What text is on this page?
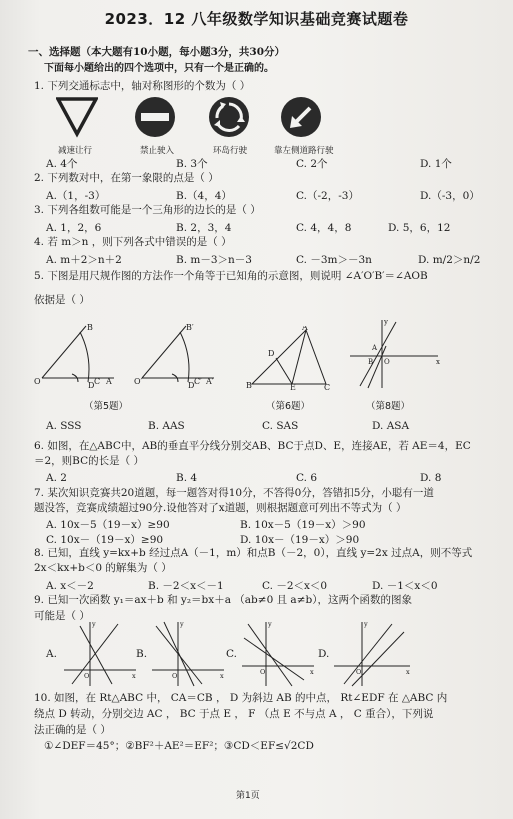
2023．12 八年级数学知识基础竞赛试题卷
一、选择题（本大题有10小题，每小题3分，共30分）
下面每小题给出的四个选项中，只有一个是正确的。
1. 下列交通标志中，轴对称图形的个数为（ ）
减速让行	禁止驶入	环岛行驶	靠左侧道路行驶
A. 4个	B. 3个	C. 2个	D. 1个
2. 下列数对中，在第一象限的点是（ ）
A.（1，-3）	B.（4，4）	C.（-2，-3）	D.（-3，0）
3. 下列各组数可能是一个三角形的边长的是（ ）
A. 1，2，6	B. 2，3，4	C. 4，4，8	D. 5，6，12
4. 若 m＞n ，则下列各式中错误的是（ ）
A. m＋2＞n＋2	B. m－3＞n－3	C. －3m＞－3n	D. m/2＞n/2
5. 下图是用尺规作图的方法作一个角等于已知角的示意图，则说明 ∠A′O′B′＝∠AOB
依据是（ ）
O
B
D C A	O′
B′
D′
C′ A′	B
A
D
E	C
y
x
O
A
B
（第5题）	（第6题）	（第8题）
A. SSS	B. AAS	C. SAS	D. ASA
6. 如图，在△ABC中，AB的垂直平分线分别交AB、BC于点D、E，连接AE，若 AE＝4，EC
＝2，则BC的长是（ ）
A. 2	B. 4	C. 6	D. 8
7. 某次知识竞赛共20道题，每一题答对得10分，不答得0分，答错扣5分，小聪有一道
题没答，竞赛成绩超过90分.设他答对了x道题，则根据题意可列出不等式为（ ）
A. 10x－5（19－x）≥90	B. 10x－5（19－x）＞90
C. 10x－（19－x）≥90	D. 10x－（19－x）＞90
8. 已知，直线 y=kx+b 经过点A（－1，m）和点B（－2，0），直线 y=2x 过点A，则不等式
2x＜kx+b＜0 的解集为（ ）
A. x＜－2	B. －2＜x＜－1	C. －2＜x＜0	D. －1＜x＜0
9. 已知一次函数 y₁＝ax＋b 和 y₂＝bx＋a （ab≠0 且 a≠b），这两个函数的图象
可能是（ ）
A.
y
x
O
B.
y
x
O
C.
y
x
O
D.
y
x
O
10. 如图，在 Rt△ABC 中， CA＝CB ， D 为斜边 AB 的中点， Rt∠EDF 在 △ABC 内
绕点 D 转动，分别交边 AC ， BC 于点 E ， F （点 E 不与点 A ， C 重合），下列说
法正确的是（ ）
①∠DEF＝45°；②BF²＋AE²＝EF²；③CD＜EF≤√2CD
第1页
